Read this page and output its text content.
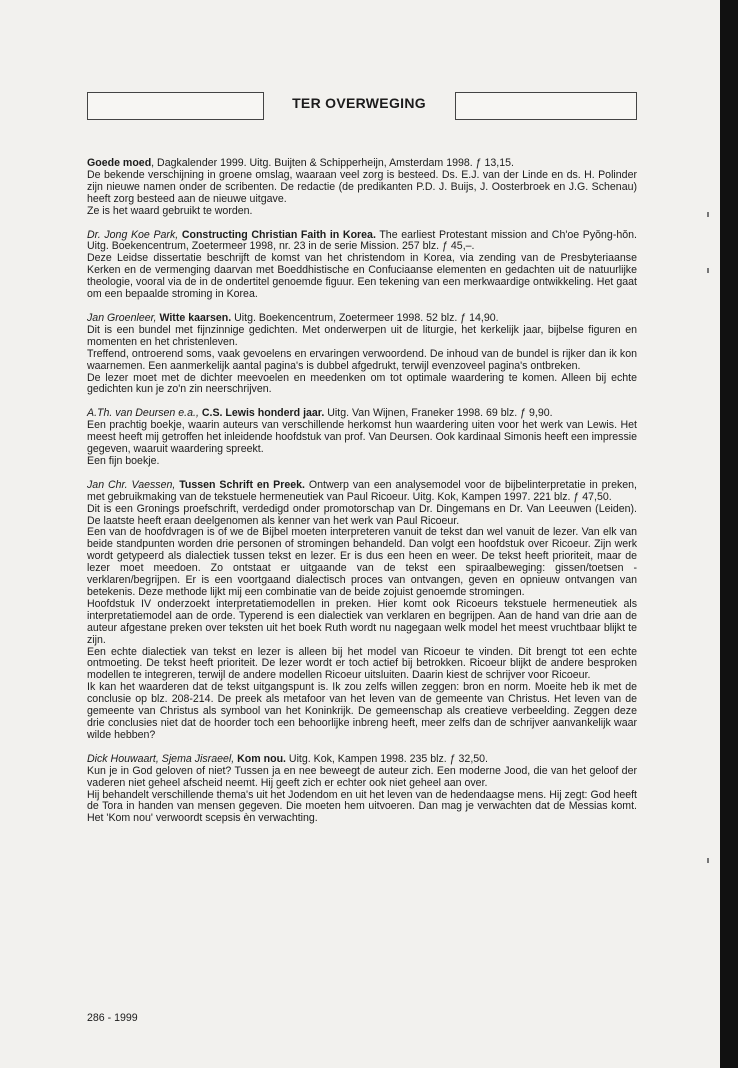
TER OVERWEGING

Goede moed, Dagkalender 1999. Uitg. Buijten & Schipperheijn, Amsterdam 1998. ƒ 13,15.

De bekende verschijning in groene omslag, waaraan veel zorg is besteed. Ds. E.J. van der Linde en ds. H. Polinder zijn nieuwe namen onder de scribenten. De redactie (de predikanten P.D. J. Buijs, J. Oosterbroek en J.G. Schenau) heeft zorg besteed aan de nieuwe uitgave.

Ze is het waard gebruikt te worden.

Dr. Jong Koe Park, Constructing Christian Faith in Korea. The earliest Protestant mission and Ch'oe Pyŏng-hŏn. Uitg. Boekencentrum, Zoetermeer 1998, nr. 23 in de serie Mission. 257 blz. ƒ 45,–.

Deze Leidse dissertatie beschrijft de komst van het christendom in Korea, via zending van de Presbyteriaanse Kerken en de vermenging daarvan met Boeddhistische en Confuciaanse elementen en gedachten uit de natuurlijke theologie, vooral via de in de ondertitel genoemde figuur. Een tekening van een merkwaardige ontwikkeling. Het gaat om een bepaalde stroming in Korea.

Jan Groenleer, Witte kaarsen. Uitg. Boekencentrum, Zoetermeer 1998. 52 blz. ƒ 14,90.

Dit is een bundel met fijnzinnige gedichten. Met onderwerpen uit de liturgie, het kerkelijk jaar, bijbelse figuren en momenten en het christenleven.

Treffend, ontroerend soms, vaak gevoelens en ervaringen verwoordend. De inhoud van de bundel is rijker dan ik kon waarnemen. Een aanmerkelijk aantal pagina's is dubbel afgedrukt, terwijl evenzoveel pagina's ontbreken.

De lezer moet met de dichter meevoelen en meedenken om tot optimale waardering te komen. Alleen bij echte gedichten kun je zo'n zin neerschrijven.

A.Th. van Deursen e.a., C.S. Lewis honderd jaar. Uitg. Van Wijnen, Franeker 1998. 69 blz. ƒ 9,90.

Een prachtig boekje, waarin auteurs van verschillende herkomst hun waardering uiten voor het werk van Lewis. Het meest heeft mij getroffen het inleidende hoofdstuk van prof. Van Deursen. Ook kardinaal Simonis heeft een impressie gegeven, waaruit waardering spreekt.

Een fijn boekje.

Jan Chr. Vaessen, Tussen Schrift en Preek. Ontwerp van een analysemodel voor de bijbelinterpretatie in preken, met gebruikmaking van de tekstuele hermeneutiek van Paul Ricoeur. Uitg. Kok, Kampen 1997. 221 blz. ƒ 47,50.

Dit is een Gronings proefschrift, verdedigd onder promotorschap van Dr. Dingemans en Dr. Van Leeuwen (Leiden). De laatste heeft eraan deelgenomen als kenner van het werk van Paul Ricoeur.

Een van de hoofdvragen is of we de Bijbel moeten interpreteren vanuit de tekst dan wel vanuit de lezer. Van elk van beide standpunten worden drie personen of stromingen behandeld. Dan volgt een hoofdstuk over Ricoeur. Zijn werk wordt getypeerd als dialectiek tussen tekst en lezer. Er is dus een heen en weer. De tekst heeft prioriteit, maar de lezer moet meedoen. Zo ontstaat er uitgaande van de tekst een spiraalbeweging: gissen/toetsen - verklaren/begrijpen. Er is een voortgaand dialectisch proces van ontvangen, geven en opnieuw ontvangen van betekenis. Deze methode lijkt mij een combinatie van de beide zojuist genoemde stromingen.

Hoofdstuk IV onderzoekt interpretatiemodellen in preken. Hier komt ook Ricoeurs tekstuele hermeneutiek als interpretatiemodel aan de orde. Typerend is een dialectiek van verklaren en begrijpen. Aan de hand van drie aan de auteur afgestane preken over teksten uit het boek Ruth wordt nu nagegaan welk model het meest vruchtbaar blijkt te zijn.

Een echte dialectiek van tekst en lezer is alleen bij het model van Ricoeur te vinden. Dit brengt tot een echte ontmoeting. De tekst heeft prioriteit. De lezer wordt er toch actief bij betrokken. Ricoeur blijkt de andere besproken modellen te integreren, terwijl de andere modellen Ricoeur uitsluiten. Daarin kiest de schrijver voor Ricoeur.

Ik kan het waarderen dat de tekst uitgangspunt is. Ik zou zelfs willen zeggen: bron en norm. Moeite heb ik met de conclusie op blz. 208-214. De preek als metafoor van het leven van de gemeente van Christus. Het leven van de gemeente van Christus als symbool van het Koninkrijk. De gemeenschap als creatieve verbeelding. Zeggen deze drie conclusies niet dat de hoorder toch een behoorlijke inbreng heeft, meer zelfs dan de schrijver aanvankelijk waar wilde hebben?

Dick Houwaart, Sjema Jisraeel, Kom nou. Uitg. Kok, Kampen 1998. 235 blz. ƒ 32,50.

Kun je in God geloven of niet? Tussen ja en nee beweegt de auteur zich. Een moderne Jood, die van het geloof der vaderen niet geheel afscheid neemt. Hij geeft zich er echter ook niet geheel aan over.

Hij behandelt verschillende thema's uit het Jodendom en uit het leven van de hedendaagse mens. Hij zegt: God heeft de Tora in handen van mensen gegeven. Die moeten hem uitvoeren. Dan mag je verwachten dat de Messias komt. Het 'Kom nou' verwoordt scepsis èn verwachting.

286 - 1999
